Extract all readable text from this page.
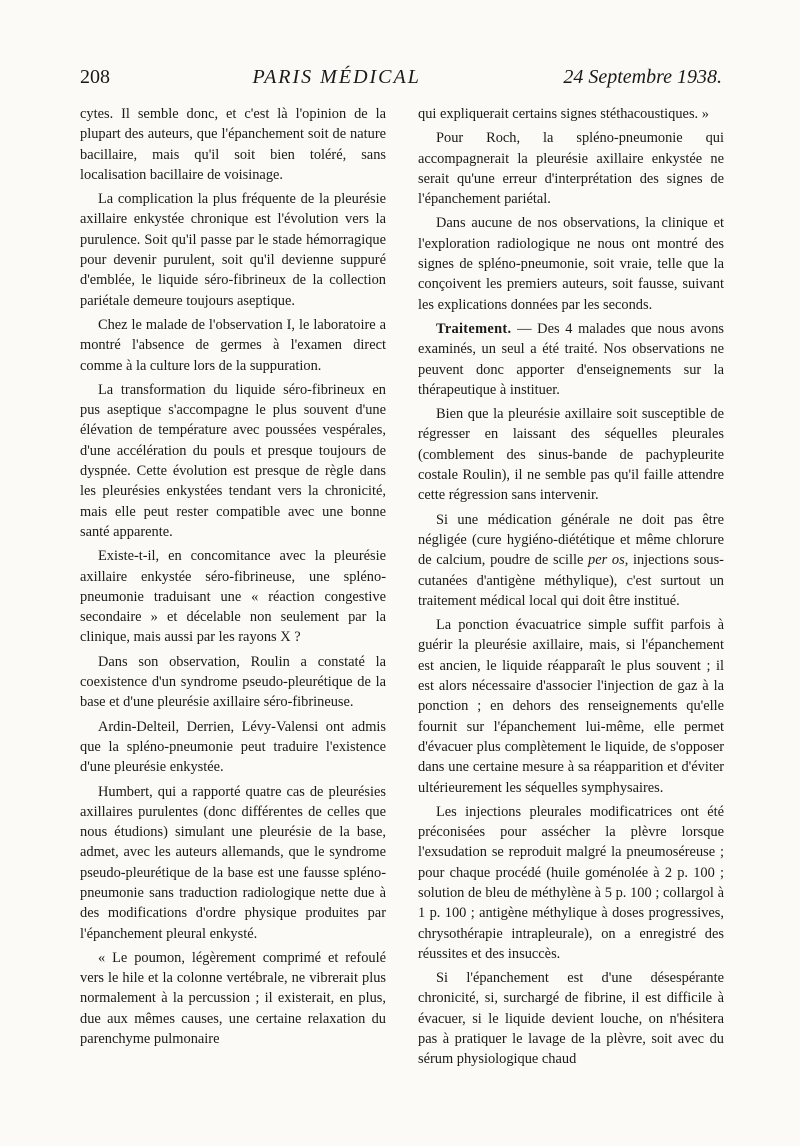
208	PARIS MÉDICAL	24 Septembre 1938.

cytes. Il semble donc, et c'est là l'opinion de la plupart des auteurs, que l'épanchement soit de nature bacillaire, mais qu'il soit bien toléré, sans localisation bacillaire de voisinage.

La complication la plus fréquente de la pleurésie axillaire enkystée chronique est l'évolution vers la purulence. Soit qu'il passe par le stade hémorragique pour devenir purulent, soit qu'il devienne suppuré d'emblée, le liquide séro-fibrineux de la collection pariétale demeure toujours aseptique.

Chez le malade de l'observation I, le laboratoire a montré l'absence de germes à l'examen direct comme à la culture lors de la suppuration.

La transformation du liquide séro-fibrineux en pus aseptique s'accompagne le plus souvent d'une élévation de température avec poussées vespérales, d'une accélération du pouls et presque toujours de dyspnée. Cette évolution est presque de règle dans les pleurésies enkystées tendant vers la chronicité, mais elle peut rester compatible avec une bonne santé apparente.

Existe-t-il, en concomitance avec la pleurésie axillaire enkystée séro-fibrineuse, une spléno-pneumonie traduisant une « réaction congestive secondaire » et décelable non seulement par la clinique, mais aussi par les rayons X ?

Dans son observation, Roulin a constaté la coexistence d'un syndrome pseudo-pleurétique de la base et d'une pleurésie axillaire séro-fibrineuse.

Ardin-Delteil, Derrien, Lévy-Valensi ont admis que la spléno-pneumonie peut traduire l'existence d'une pleurésie enkystée.

Humbert, qui a rapporté quatre cas de pleurésies axillaires purulentes (donc différentes de celles que nous étudions) simulant une pleurésie de la base, admet, avec les auteurs allemands, que le syndrome pseudo-pleurétique de la base est une fausse spléno-pneumonie sans traduction radiologique nette due à des modifications d'ordre physique produites par l'épanchement pleural enkysté.

« Le poumon, légèrement comprimé et refoulé vers le hile et la colonne vertébrale, ne vibrerait plus normalement à la percussion ; il existerait, en plus, due aux mêmes causes, une certaine relaxation du parenchyme pulmonaire

qui expliquerait certains signes stéthacoustiques. »

Pour Roch, la spléno-pneumonie qui accompagnerait la pleurésie axillaire enkystée ne serait qu'une erreur d'interprétation des signes de l'épanchement pariétal.

Dans aucune de nos observations, la clinique et l'exploration radiologique ne nous ont montré des signes de spléno-pneumonie, soit vraie, telle que la conçoivent les premiers auteurs, soit fausse, suivant les explications données par les seconds.

Traitement. — Des 4 malades que nous avons examinés, un seul a été traité. Nos observations ne peuvent donc apporter d'enseignements sur la thérapeutique à instituer.

Bien que la pleurésie axillaire soit susceptible de régresser en laissant des séquelles pleurales (comblement des sinus-bande de pachypleurite costale Roulin), il ne semble pas qu'il faille attendre cette régression sans intervenir.

Si une médication générale ne doit pas être négligée (cure hygiéno-diététique et même chlorure de calcium, poudre de scille per os, injections sous-cutanées d'antigène méthylique), c'est surtout un traitement médical local qui doit être institué.

La ponction évacuatrice simple suffit parfois à guérir la pleurésie axillaire, mais, si l'épanchement est ancien, le liquide réapparaît le plus souvent ; il est alors nécessaire d'associer l'injection de gaz à la ponction ; en dehors des renseignements qu'elle fournit sur l'épanchement lui-même, elle permet d'évacuer plus complètement le liquide, de s'opposer dans une certaine mesure à sa réapparition et d'éviter ultérieurement les séquelles symphysaires.

Les injections pleurales modificatrices ont été préconisées pour assécher la plèvre lorsque l'exsudation se reproduit malgré la pneumoséreuse ; pour chaque procédé (huile goménolée à 2 p. 100 ; solution de bleu de méthylène à 5 p. 100 ; collargol à 1 p. 100 ; antigène méthylique à doses progressives, chrysothérapie intrapleurale), on a enregistré des réussites et des insuccès.

Si l'épanchement est d'une désespérante chronicité, si, surchargé de fibrine, il est difficile à évacuer, si le liquide devient louche, on n'hésitera pas à pratiquer le lavage de la plèvre, soit avec du sérum physiologique chaud
